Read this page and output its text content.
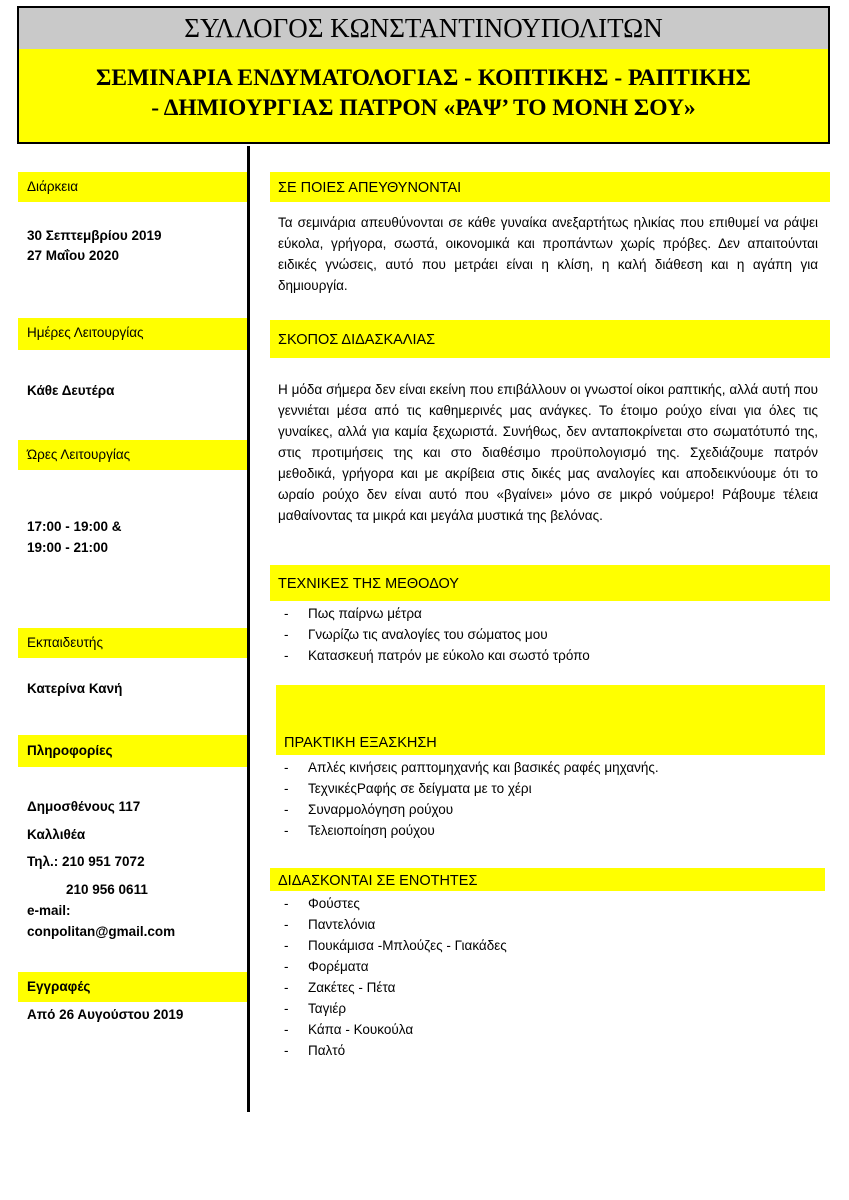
ΣΥΛΛΟΓΟΣ ΚΩΝΣΤΑΝΤΙΝΟΥΠΟΛΙΤΩΝ
ΣΕΜΙΝΑΡΙΑ ΕΝΔΥΜΑΤΟΛΟΓΙΑΣ - ΚΟΠΤΙΚΗΣ - ΡΑΠΤΙΚΗΣ
- ΔΗΜΙΟΥΡΓΙΑΣ ΠΑΤΡΟΝ «ΡΑΨ’ ΤΟ ΜΟΝΗ ΣΟΥ»
Διάρκεια
30 Σεπτεμβρίου 2019
27 Μαΐου 2020
Ημέρες Λειτουργίας
Κάθε Δευτέρα
Ώρες Λειτουργίας
17:00 - 19:00 &
19:00 - 21:00
Εκπαιδευτής
Κατερίνα Κανή
Πληροφορίες
Δημοσθένους 117
Καλλιθέα
Τηλ.: 210 951 7072
210 956 0611
e-mail:
conpolitan@gmail.com
Εγγραφές
Από 26 Αυγούστου 2019
ΣΕ ΠΟΙΕΣ ΑΠΕΥΘΥΝΟΝΤΑΙ
Τα σεμινάρια απευθύνονται σε κάθε γυναίκα ανεξαρτήτως ηλικίας που επιθυμεί να ράψει εύκολα, γρήγορα, σωστά, οικονομικά και προπάντων χωρίς πρόβες. Δεν απαιτούνται ειδικές γνώσεις, αυτό που μετράει είναι η κλίση, η καλή διάθεση και η αγάπη για δημιουργία.
ΣΚΟΠΟΣ ΔΙΔΑΣΚΑΛΙΑΣ
Η μόδα σήμερα δεν είναι εκείνη που επιβάλλουν οι γνωστοί οίκοι ραπτικής, αλλά αυτή που γεννιέται μέσα από τις καθημερινές μας ανάγκες. Το έτοιμο ρούχο είναι για όλες τις γυναίκες, αλλά για καμία ξεχωριστά. Συνήθως, δεν ανταποκρίνεται στο σωματότυπό της, στις προτιμήσεις της και στο διαθέσιμο προϋπολογισμό της. Σχεδιάζουμε πατρόν μεθοδικά, γρήγορα και με ακρίβεια στις δικές μας αναλογίες και αποδεικνύουμε ότι το ωραίο ρούχο δεν είναι αυτό που «βγαίνει» μόνο σε μικρό νούμερο! Ράβουμε τέλεια μαθαίνοντας τα μικρά και μεγάλα μυστικά της βελόνας.
ΤΕΧΝΙΚΕΣ ΤΗΣ ΜΕΘΟΔΟΥ
-	Πως παίρνω μέτρα
-	Γνωρίζω τις αναλογίες του σώματος μου
-	Κατασκευή πατρόν με εύκολο και σωστό τρόπο
ΠΡΑΚΤΙΚΗ ΕΞΑΣΚΗΣΗ
-	Απλές κινήσεις ραπτομηχανής και βασικές ραφές μηχανής.
-	ΤεχνικέςΡαφής σε δείγματα με το χέρι
-	Συναρμολόγηση ρούχου
-	Τελειοποίηση ρούχου
ΔΙΔΑΣΚΟΝΤΑΙ ΣΕ ΕΝΟΤΗΤΕΣ
-	Φούστες
-	Παντελόνια
-	Πουκάμισα -Μπλούζες - Γιακάδες
-	Φορέματα
-	Ζακέτες - Πέτα
-	Ταγιέρ
-	Κάπα - Κουκούλα
-	Παλτό
